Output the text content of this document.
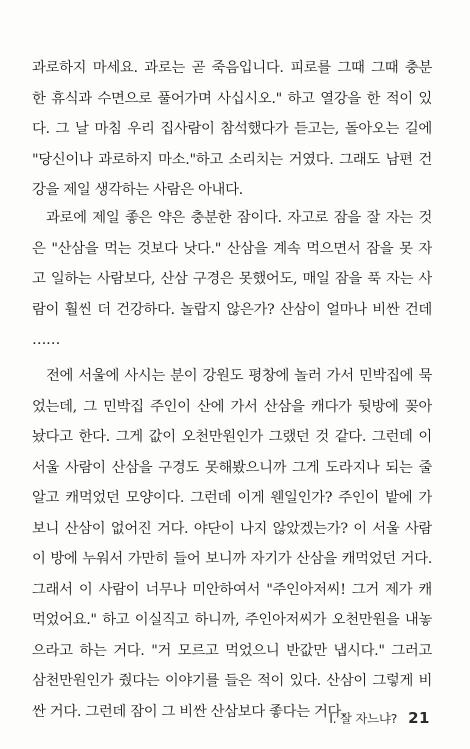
과로하지 마세요. 과로는 곧 죽음입니다. 피로를 그때 그때 충분
한 휴식과 수면으로 풀어가며 사십시오." 하고 열강을 한 적이 있
다. 그 날 마침 우리 집사람이 참석했다가 듣고는, 돌아오는 길에
"당신이나 과로하지 마소."하고 소리치는 거였다. 그래도 남편 건
강을 제일 생각하는 사람은 아내다.
과로에 제일 좋은 약은 충분한 잠이다. 자고로 잠을 잘 자는 것
은 "산삼을 먹는 것보다 낫다." 산삼을 계속 먹으면서 잠을 못 자
고 일하는 사람보다, 산삼 구경은 못했어도, 매일 잠을 푹 자는 사
람이 훨씬 더 건강하다. 놀랍지 않은가? 산삼이 얼마나 비싼 건데
……
전에 서울에 사시는 분이 강원도 평창에 놀러 가서 민박집에 묵
었는데, 그 민박집 주인이 산에 가서 산삼을 캐다가 뒷방에 꽂아
놨다고 한다. 그게 값이 오천만원인가 그랬던 것 같다. 그런데 이
서울 사람이 산삼을 구경도 못해봤으니까 그게 도라지나 되는 줄
알고 캐먹었던 모양이다. 그런데 이게 웬일인가? 주인이 밭에 가
보니 산삼이 없어진 거다. 야단이 나지 않았겠는가? 이 서울 사람
이 방에 누워서 가만히 들어 보니까 자기가 산삼을 캐먹었던 거다.
그래서 이 사람이 너무나 미안하여서 "주인아저씨! 그거 제가 캐
먹었어요." 하고 이실직고 하니까, 주인아저씨가 오천만원을 내놓
으라고 하는 거다. "거 모르고 먹었으니 반값만 냅시다." 그러고
삼천만원인가 줬다는 이야기를 들은 적이 있다. 산삼이 그렇게 비
싼 거다. 그런데 잠이 그 비싼 산삼보다 좋다는 거다.
I. 잘 자느냐? 21
